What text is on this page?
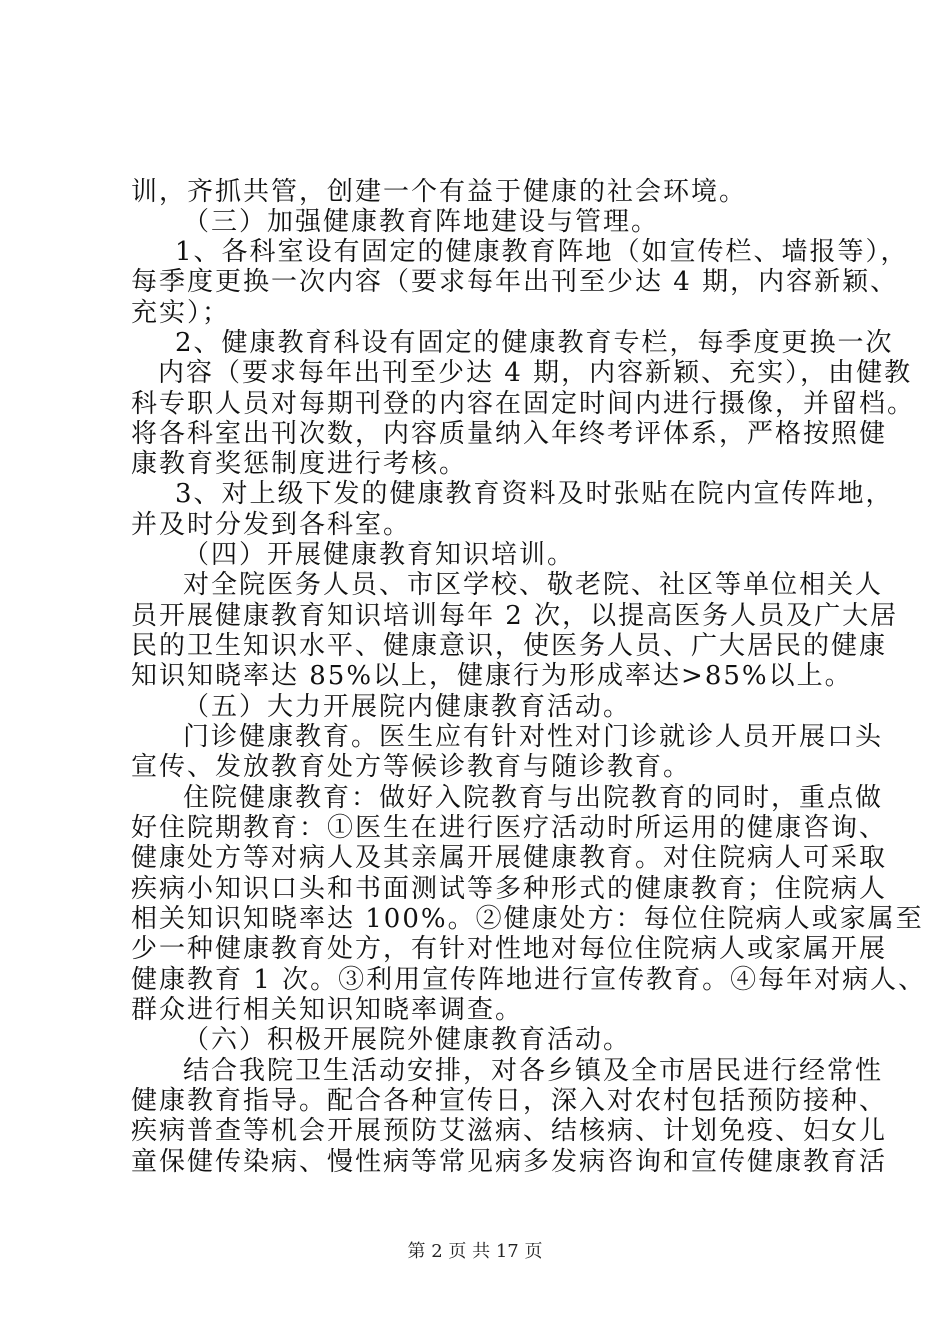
训，齐抓共管，创建一个有益于健康的社会环境。
（三）加强健康教育阵地建设与管理。
1、各科室设有固定的健康教育阵地（如宣传栏、墙报等），
每季度更换一次内容（要求每年出刊至少达 4 期，内容新颖、
充实）；
2、健康教育科设有固定的健康教育专栏，每季度更换一次
内容（要求每年出刊至少达 4 期，内容新颖、充实），由健教
科专职人员对每期刊登的内容在固定时间内进行摄像，并留档。
将各科室出刊次数，内容质量纳入年终考评体系，严格按照健
康教育奖惩制度进行考核。
3、对上级下发的健康教育资料及时张贴在院内宣传阵地，
并及时分发到各科室。
（四）开展健康教育知识培训。
对全院医务人员、市区学校、敬老院、社区等单位相关人
员开展健康教育知识培训每年 2 次，以提高医务人员及广大居
民的卫生知识水平、健康意识，使医务人员、广大居民的健康
知识知晓率达 85%以上，健康行为形成率达>85%以上。
（五）大力开展院内健康教育活动。
门诊健康教育。医生应有针对性对门诊就诊人员开展口头
宣传、发放教育处方等候诊教育与随诊教育。
住院健康教育：做好入院教育与出院教育的同时，重点做
好住院期教育：①医生在进行医疗活动时所运用的健康咨询、
健康处方等对病人及其亲属开展健康教育。对住院病人可采取
疾病小知识口头和书面测试等多种形式的健康教育；住院病人
相关知识知晓率达 100%。②健康处方：每位住院病人或家属至
少一种健康教育处方，有针对性地对每位住院病人或家属开展
健康教育 1 次。③利用宣传阵地进行宣传教育。④每年对病人、
群众进行相关知识知晓率调查。
（六）积极开展院外健康教育活动。
结合我院卫生活动安排，对各乡镇及全市居民进行经常性
健康教育指导。配合各种宣传日，深入对农村包括预防接种、
疾病普查等机会开展预防艾滋病、结核病、计划免疫、妇女儿
童保健传染病、慢性病等常见病多发病咨询和宣传健康教育活
第 2 页 共 17 页
